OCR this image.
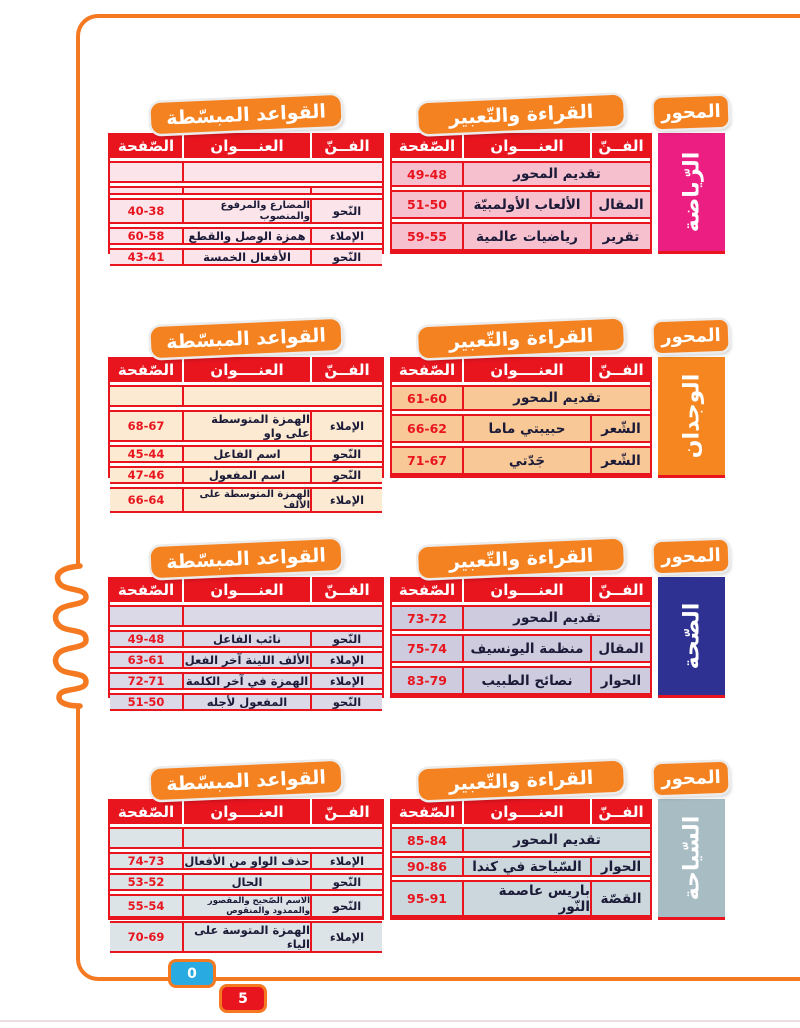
0
5
المحور
الرّياضة
القراءة والتّعبير
الفــنّ
العنــــوان
الصّفحة
تقديم المحور
49-48
المقال
الألعاب الأولمبيّة
51-50
تقرير
رياضيات عالمية
59-55
القواعد المبسّطة
الفــنّ
العنــــوان
الصّفحة
النّحو
المضارع والمرفوع والمنصوب
40-38
الإملاء
همزة الوصل والقطع
60-58
النّحو
الأفعال الخمسة
43-41
المحور
الوجدان
القراءة والتّعبير
الفــنّ
العنــــوان
الصّفحة
تقديم المحور
61-60
الشّعر
حبيبتي ماما
66-62
الشّعر
جَدّتي
71-67
القواعد المبسّطة
الفــنّ
العنــــوان
الصّفحة
الإملاء
الهمزة المتوسطة على واو
68-67
النّحو
اسم الفاعل
45-44
النّحو
اسم المفعول
47-46
الإملاء
الهمزة المتوسطة على الألف
66-64
المحور
الصّحة
القراءة والتّعبير
الفــنّ
العنــــوان
الصّفحة
تقديم المحور
73-72
المقال
منظمة اليونسيف
75-74
الحوار
نصائح الطبيب
83-79
القواعد المبسّطة
الفــنّ
العنــــوان
الصّفحة
النّحو
نائب الفاعل
49-48
الإملاء
الألف اللينة آخر الفعل
63-61
الإملاء
الهمزة في آخر الكلمة
72-71
النّحو
المفعول لأجله
51-50
المحور
السّياحة
القراءة والتّعبير
الفــنّ
العنــــوان
الصّفحة
تقديم المحور
85-84
الحوار
السّياحة في كندا
90-86
القصّة
باريس عاصمة النّور
95-91
القواعد المبسّطة
الفــنّ
العنــــوان
الصّفحة
الإملاء
حذف الواو من الأفعال
74-73
النّحو
الحال
53-52
النّحو
الاسم الصّحيح والمقصور والممدود والمنقوص
55-54
الإملاء
الهمزة المتوسة على الياء
70-69
